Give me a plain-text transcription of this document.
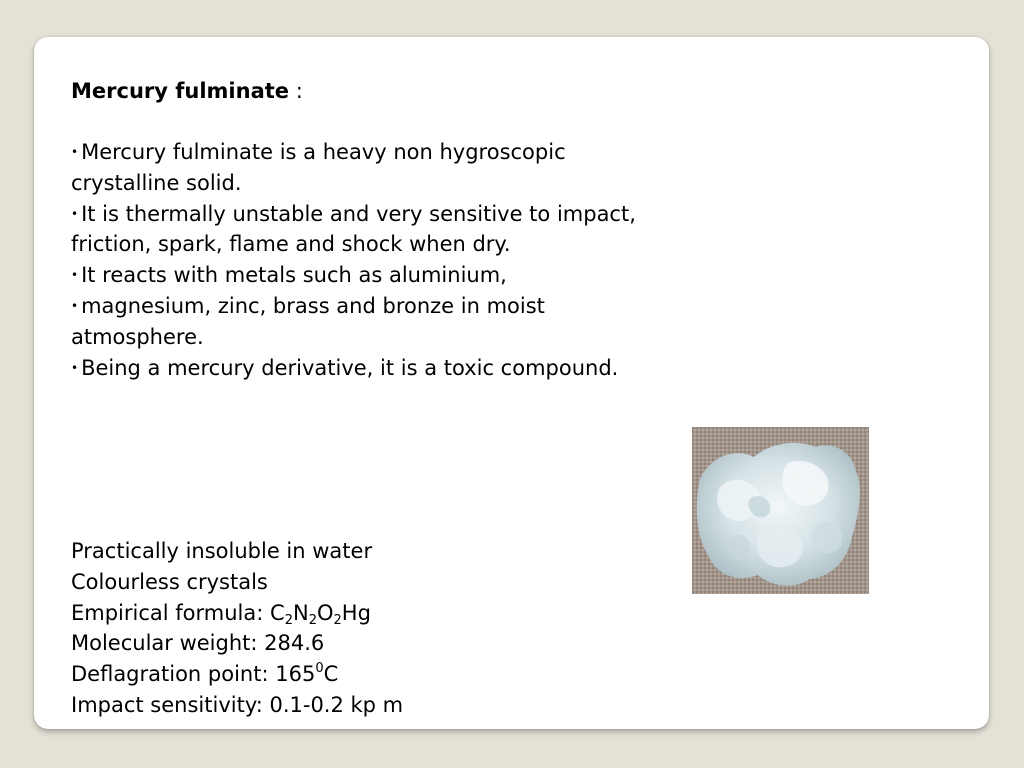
Mercury fulminate :

• Mercury fulminate is a heavy non hygroscopic crystalline solid.

• It is thermally unstable and very sensitive to impact, friction, spark, flame and shock when dry.

• It reacts with metals such as aluminium,

• magnesium, zinc, brass and bronze in moist atmosphere.

• Being a mercury derivative, it is a toxic compound.

Practically insoluble in water

Colourless crystals

Empirical formula: $C_2N_2O_2Hg$

Molecular weight: 284.6

Deflagration point: $165^0C$

Impact sensitivity: 0.1-0.2 kp m
